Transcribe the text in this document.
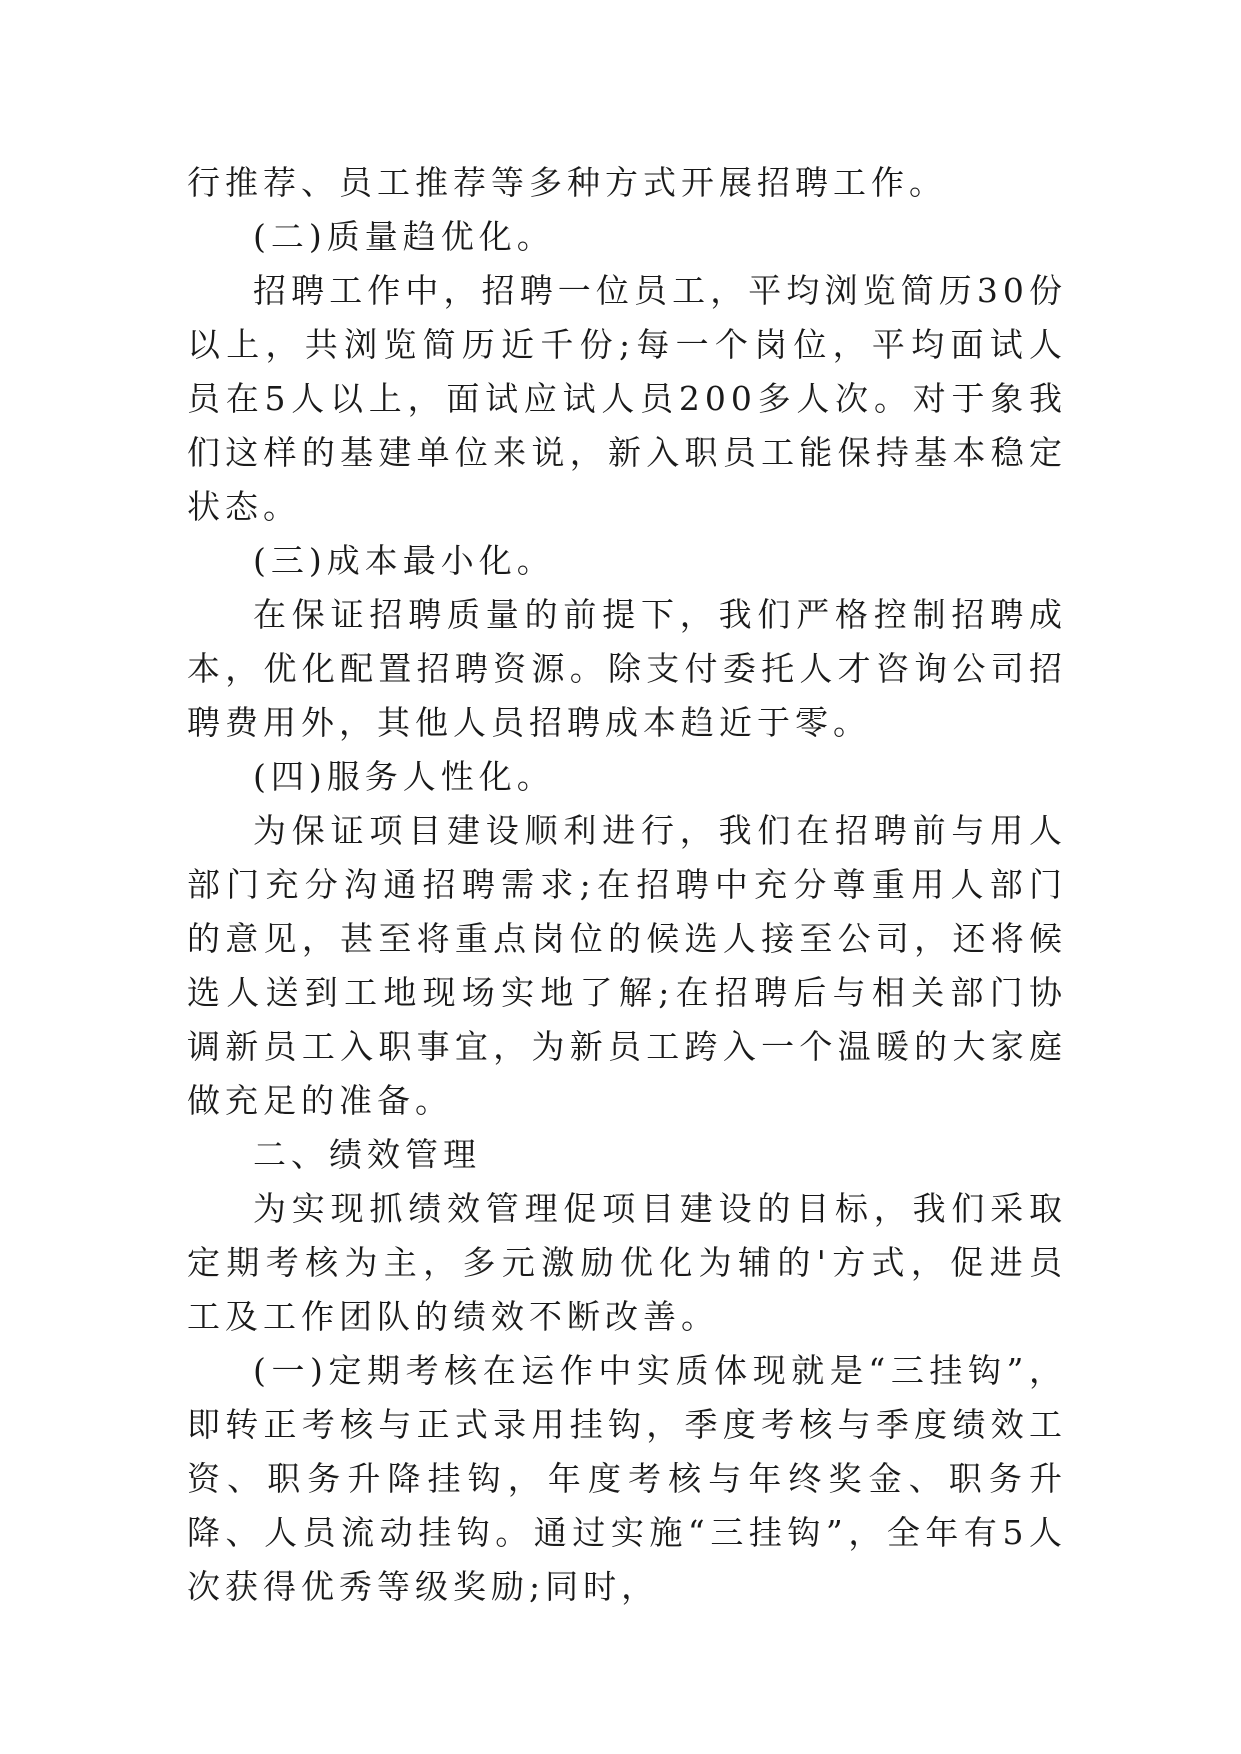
行推荐、员工推荐等多种方式开展招聘工作。

(二)质量趋优化。

招聘工作中，招聘一位员工，平均浏览简历30份以上，共浏览简历近千份;每一个岗位，平均面试人员在5人以上，面试应试人员200多人次。对于象我们这样的基建单位来说，新入职员工能保持基本稳定状态。

(三)成本最小化。

在保证招聘质量的前提下，我们严格控制招聘成本，优化配置招聘资源。除支付委托人才咨询公司招聘费用外，其他人员招聘成本趋近于零。

(四)服务人性化。

为保证项目建设顺利进行，我们在招聘前与用人部门充分沟通招聘需求;在招聘中充分尊重用人部门的意见，甚至将重点岗位的候选人接至公司，还将候选人送到工地现场实地了解;在招聘后与相关部门协调新员工入职事宜，为新员工跨入一个温暖的大家庭做充足的准备。

二、绩效管理

为实现抓绩效管理促项目建设的目标，我们采取定期考核为主，多元激励优化为辅的'方式，促进员工及工作团队的绩效不断改善。

(一)定期考核在运作中实质体现就是“三挂钩”，即转正考核与正式录用挂钩，季度考核与季度绩效工资、职务升降挂钩，年度考核与年终奖金、职务升降、人员流动挂钩。通过实施“三挂钩”，全年有5人次获得优秀等级奖励;同时，
